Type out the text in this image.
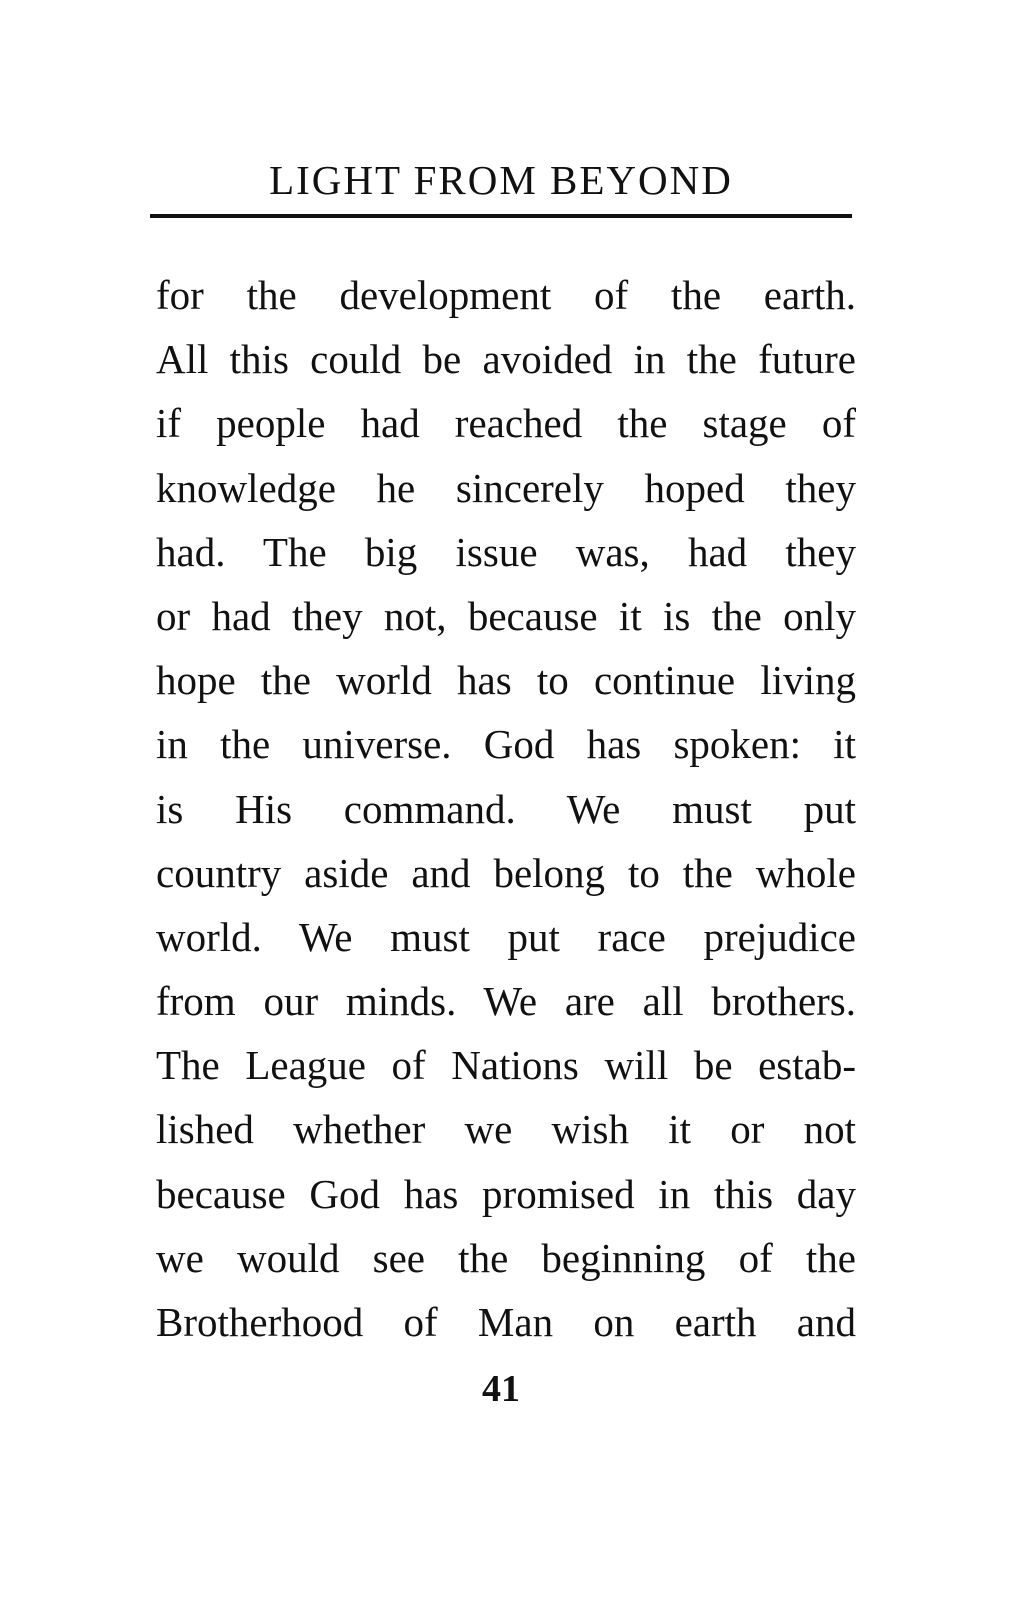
LIGHT FROM BEYOND
for the development of the earth.
All this could be avoided in the future
if people had reached the stage of
knowledge he sincerely hoped they
had. The big issue was, had they
or had they not, because it is the only
hope the world has to continue living
in the universe. God has spoken: it
is His command. We must put
country aside and belong to the whole
world. We must put race prejudice
from our minds. We are all brothers.
The League of Nations will be estab-
lished whether we wish it or not
because God has promised in this day
we would see the beginning of the
Brotherhood of Man on earth and
41
